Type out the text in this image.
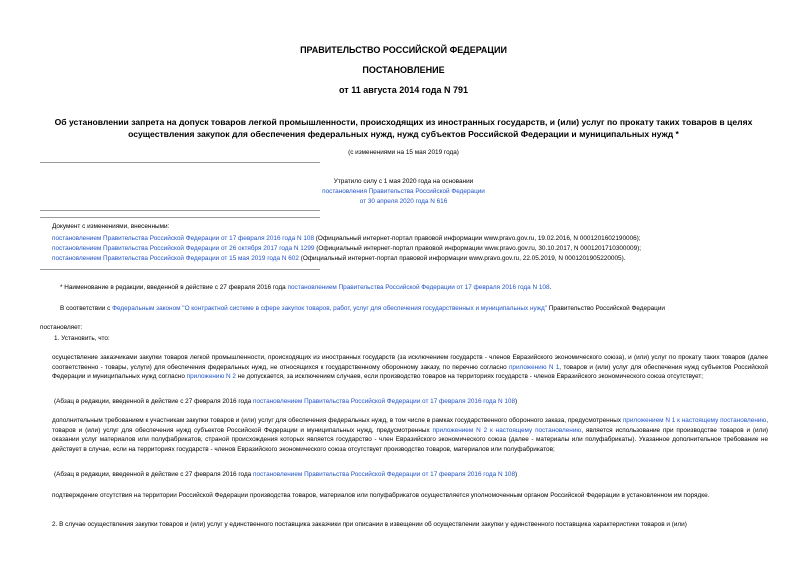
ПРАВИТЕЛЬСТВО РОССИЙСКОЙ ФЕДЕРАЦИИ
ПОСТАНОВЛЕНИЕ
от 11 августа 2014 года N 791
Об установлении запрета на допуск товаров легкой промышленности, происходящих из иностранных государств, и (или) услуг по прокату таких товаров в целях
осуществления закупок для обеспечения федеральных нужд, нужд субъектов Российской Федерации и муниципальных нужд *
(с изменениями на 15 мая 2019 года)
Утратило силу с 1 мая 2020 года на основании
постановления Правительства Российской Федерации
от 30 апреля 2020 года N 616
Документ с изменениями, внесенными:
постановлением Правительства Российской Федерации от 17 февраля 2016 года N 108 (Официальный интернет-портал правовой информации www.pravo.gov.ru, 19.02.2016, N 0001201602190006);
постановлением Правительства Российской Федерации от 26 октября 2017 года N 1299 (Официальный интернет-портал правовой информации www.pravo.gov.ru, 30.10.2017, N 0001201710300009);
постановлением Правительства Российской Федерации от 15 мая 2019 года N 602 (Официальный интернет-портал правовой информации www.pravo.gov.ru, 22.05.2019, N 0001201905220005).
* Наименование в редакции, введенной в действие с 27 февраля 2016 года постановлением Правительства Российской Федерации от 17 февраля 2016 года N 108.
В соответствии с Федеральным законом "О контрактной системе в сфере закупок товаров, работ, услуг для обеспечения государственных и муниципальных нужд" Правительство Российской Федерации
постановляет:
1. Установить, что:
осуществление заказчиками закупки товаров легкой промышленности, происходящих из иностранных государств (за исключением государств - членов Евразийского экономического союза), и (или) услуг по прокату таких товаров (далее соответственно - товары, услуги) для обеспечения федеральных нужд, не относящихся к государственному оборонному заказу, по перечню согласно приложению N 1, товаров и (или) услуг для обеспечения нужд субъектов Российской Федерации и муниципальных нужд согласно приложению N 2 не допускается, за исключением случаев, если производство товаров на территориях государств - членов Евразийского экономического союза отсутствует;
(Абзац в редакции, введенной в действие с 27 февраля 2016 года постановлением Правительства Российской Федерации от 17 февраля 2016 года N 108)
дополнительным требованием к участникам закупки товаров и (или) услуг для обеспечения федеральных нужд, в том числе в рамках государственного оборонного заказа, предусмотренных приложением N 1 к настоящему постановлению, товаров и (или) услуг для обеспечения нужд субъектов Российской Федерации и муниципальных нужд, предусмотренных приложением N 2 к настоящему постановлению, является использование при производстве товаров и (или) оказании услуг материалов или полуфабрикатов, страной происхождения которых является государство - член Евразийского экономического союза (далее - материалы или полуфабрикаты). Указанное дополнительное требование не действует в случае, если на территориях государств - членов Евразийского экономического союза отсутствует производство товаров, материалов или полуфабрикатов;
(Абзац в редакции, введенной в действие с 27 февраля 2016 года постановлением Правительства Российской Федерации от 17 февраля 2016 года N 108)
подтверждение отсутствия на территории Российской Федерации производства товаров, материалов или полуфабрикатов осуществляется уполномоченным органом Российской Федерации в установленном им порядке.
2. В случае осуществления закупки товаров и (или) услуг у единственного поставщика заказчики при описании в извещении об осуществлении закупки у единственного поставщика характеристики товаров и (или)
